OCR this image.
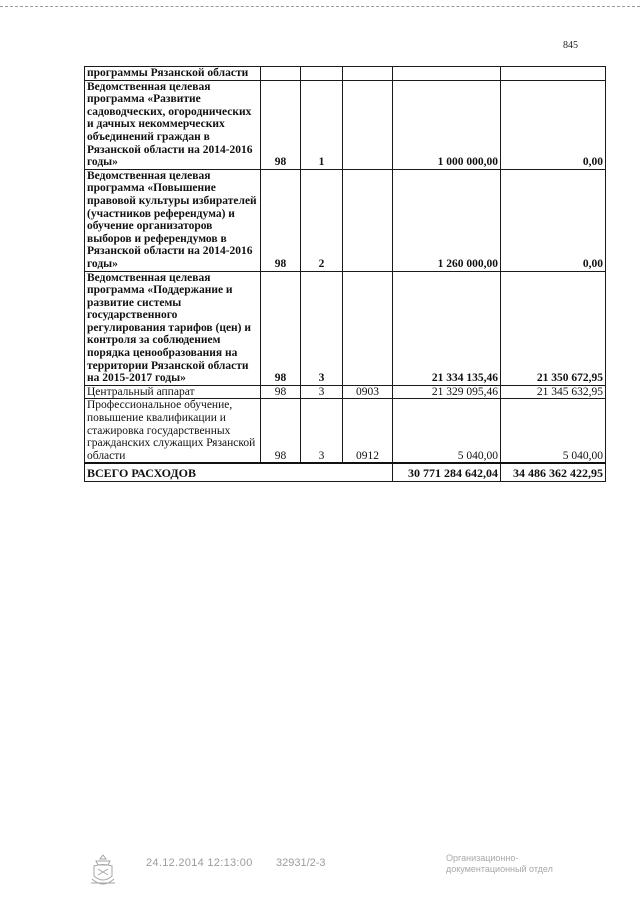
845
программы Рязанской области					
Ведомственная целевая программа «Развитие садоводческих, огороднических и дачных некоммерческих объединений граждан в Рязанской области на 2014-2016 годы»	98	1		1 000 000,00	0,00
Ведомственная целевая программа «Повышение правовой культуры избирателей (участников референдума) и обучение организаторов выборов и референдумов в Рязанской области на 2014-2016 годы»	98	2		1 260 000,00	0,00
Ведомственная целевая программа «Поддержание и развитие системы государственного регулирования тарифов (цен) и контроля за соблюдением порядка ценообразования на территории Рязанской области на 2015-2017 годы»	98	3		21 334 135,46	21 350 672,95
Центральный аппарат	98	3	0903	21 329 095,46	21 345 632,95
Профессиональное обучение, повышение квалификации и стажировка государственных гражданских служащих Рязанской области	98	3	0912	5 040,00	5 040,00
ВСЕГО РАСХОДОВ				30 771 284 642,04	34 486 362 422,95
24.12.2014 12:13:00 32931/2-3	Организационно-
документационный отдел
